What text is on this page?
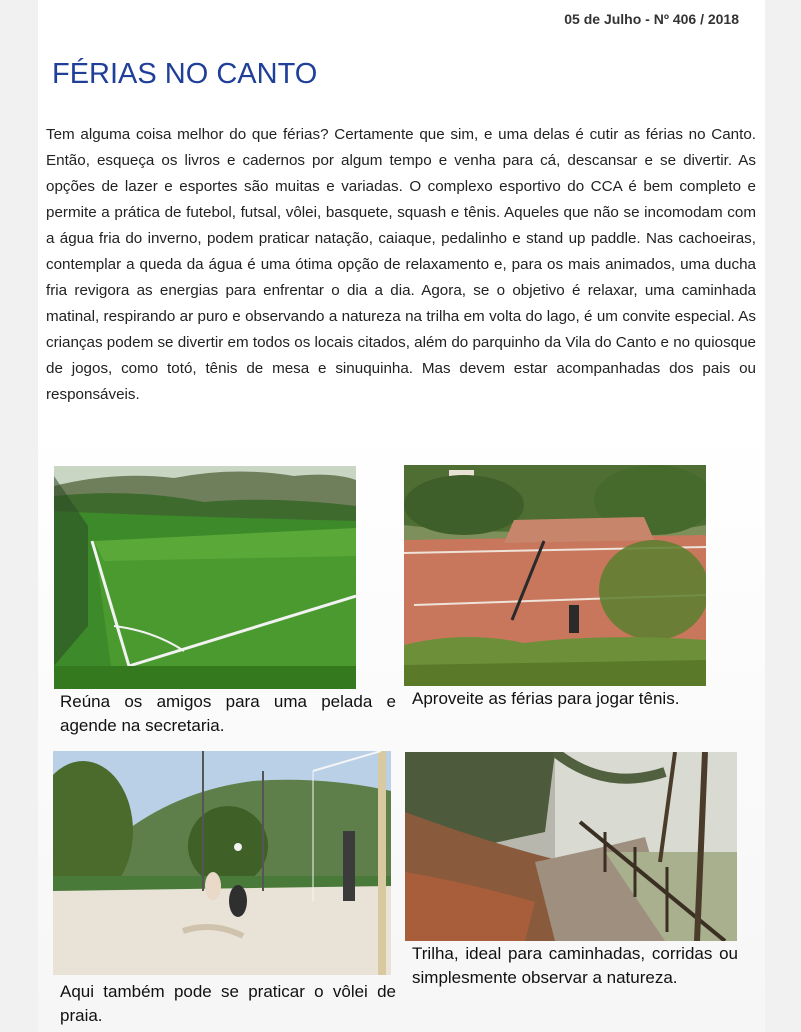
05 de Julho - Nº 406 / 2018
FÉRIAS NO CANTO

Tem alguma coisa melhor do que férias? Certamente que sim, e uma delas é cutir as férias no Canto. Então, esqueça os livros e cadernos por algum tempo e venha para cá, descansar e se divertir. As opções de lazer e esportes são muitas e variadas. O complexo esportivo do CCA é bem completo e permite a prática de futebol, futsal, vôlei, basquete, squash e tênis. Aqueles que não se incomodam com a água fria do inverno, podem praticar natação, caiaque, pedalinho e stand up paddle. Nas cachoeiras, contemplar a queda da água é uma ótima opção de relaxamento e, para os mais animados, uma ducha fria revigora as energias para enfrentar o dia a dia. Agora, se o objetivo é relaxar, uma caminhada matinal, respirando ar puro e observando a natureza na trilha em volta do lago, é um convite especial. As crianças podem se divertir em todos os locais citados, além do parquinho da Vila do Canto e no quiosque de jogos, como totó, tênis de mesa e sinuquinha. Mas devem estar acompanhadas dos pais ou responsáveis.

Reúna os amigos para uma pelada e agende na secretaria.

Aproveite as férias para jogar tênis.

Aqui também pode se praticar o vôlei de praia.

Trilha, ideal para caminhadas, corridas ou simplesmente observar a natureza.
